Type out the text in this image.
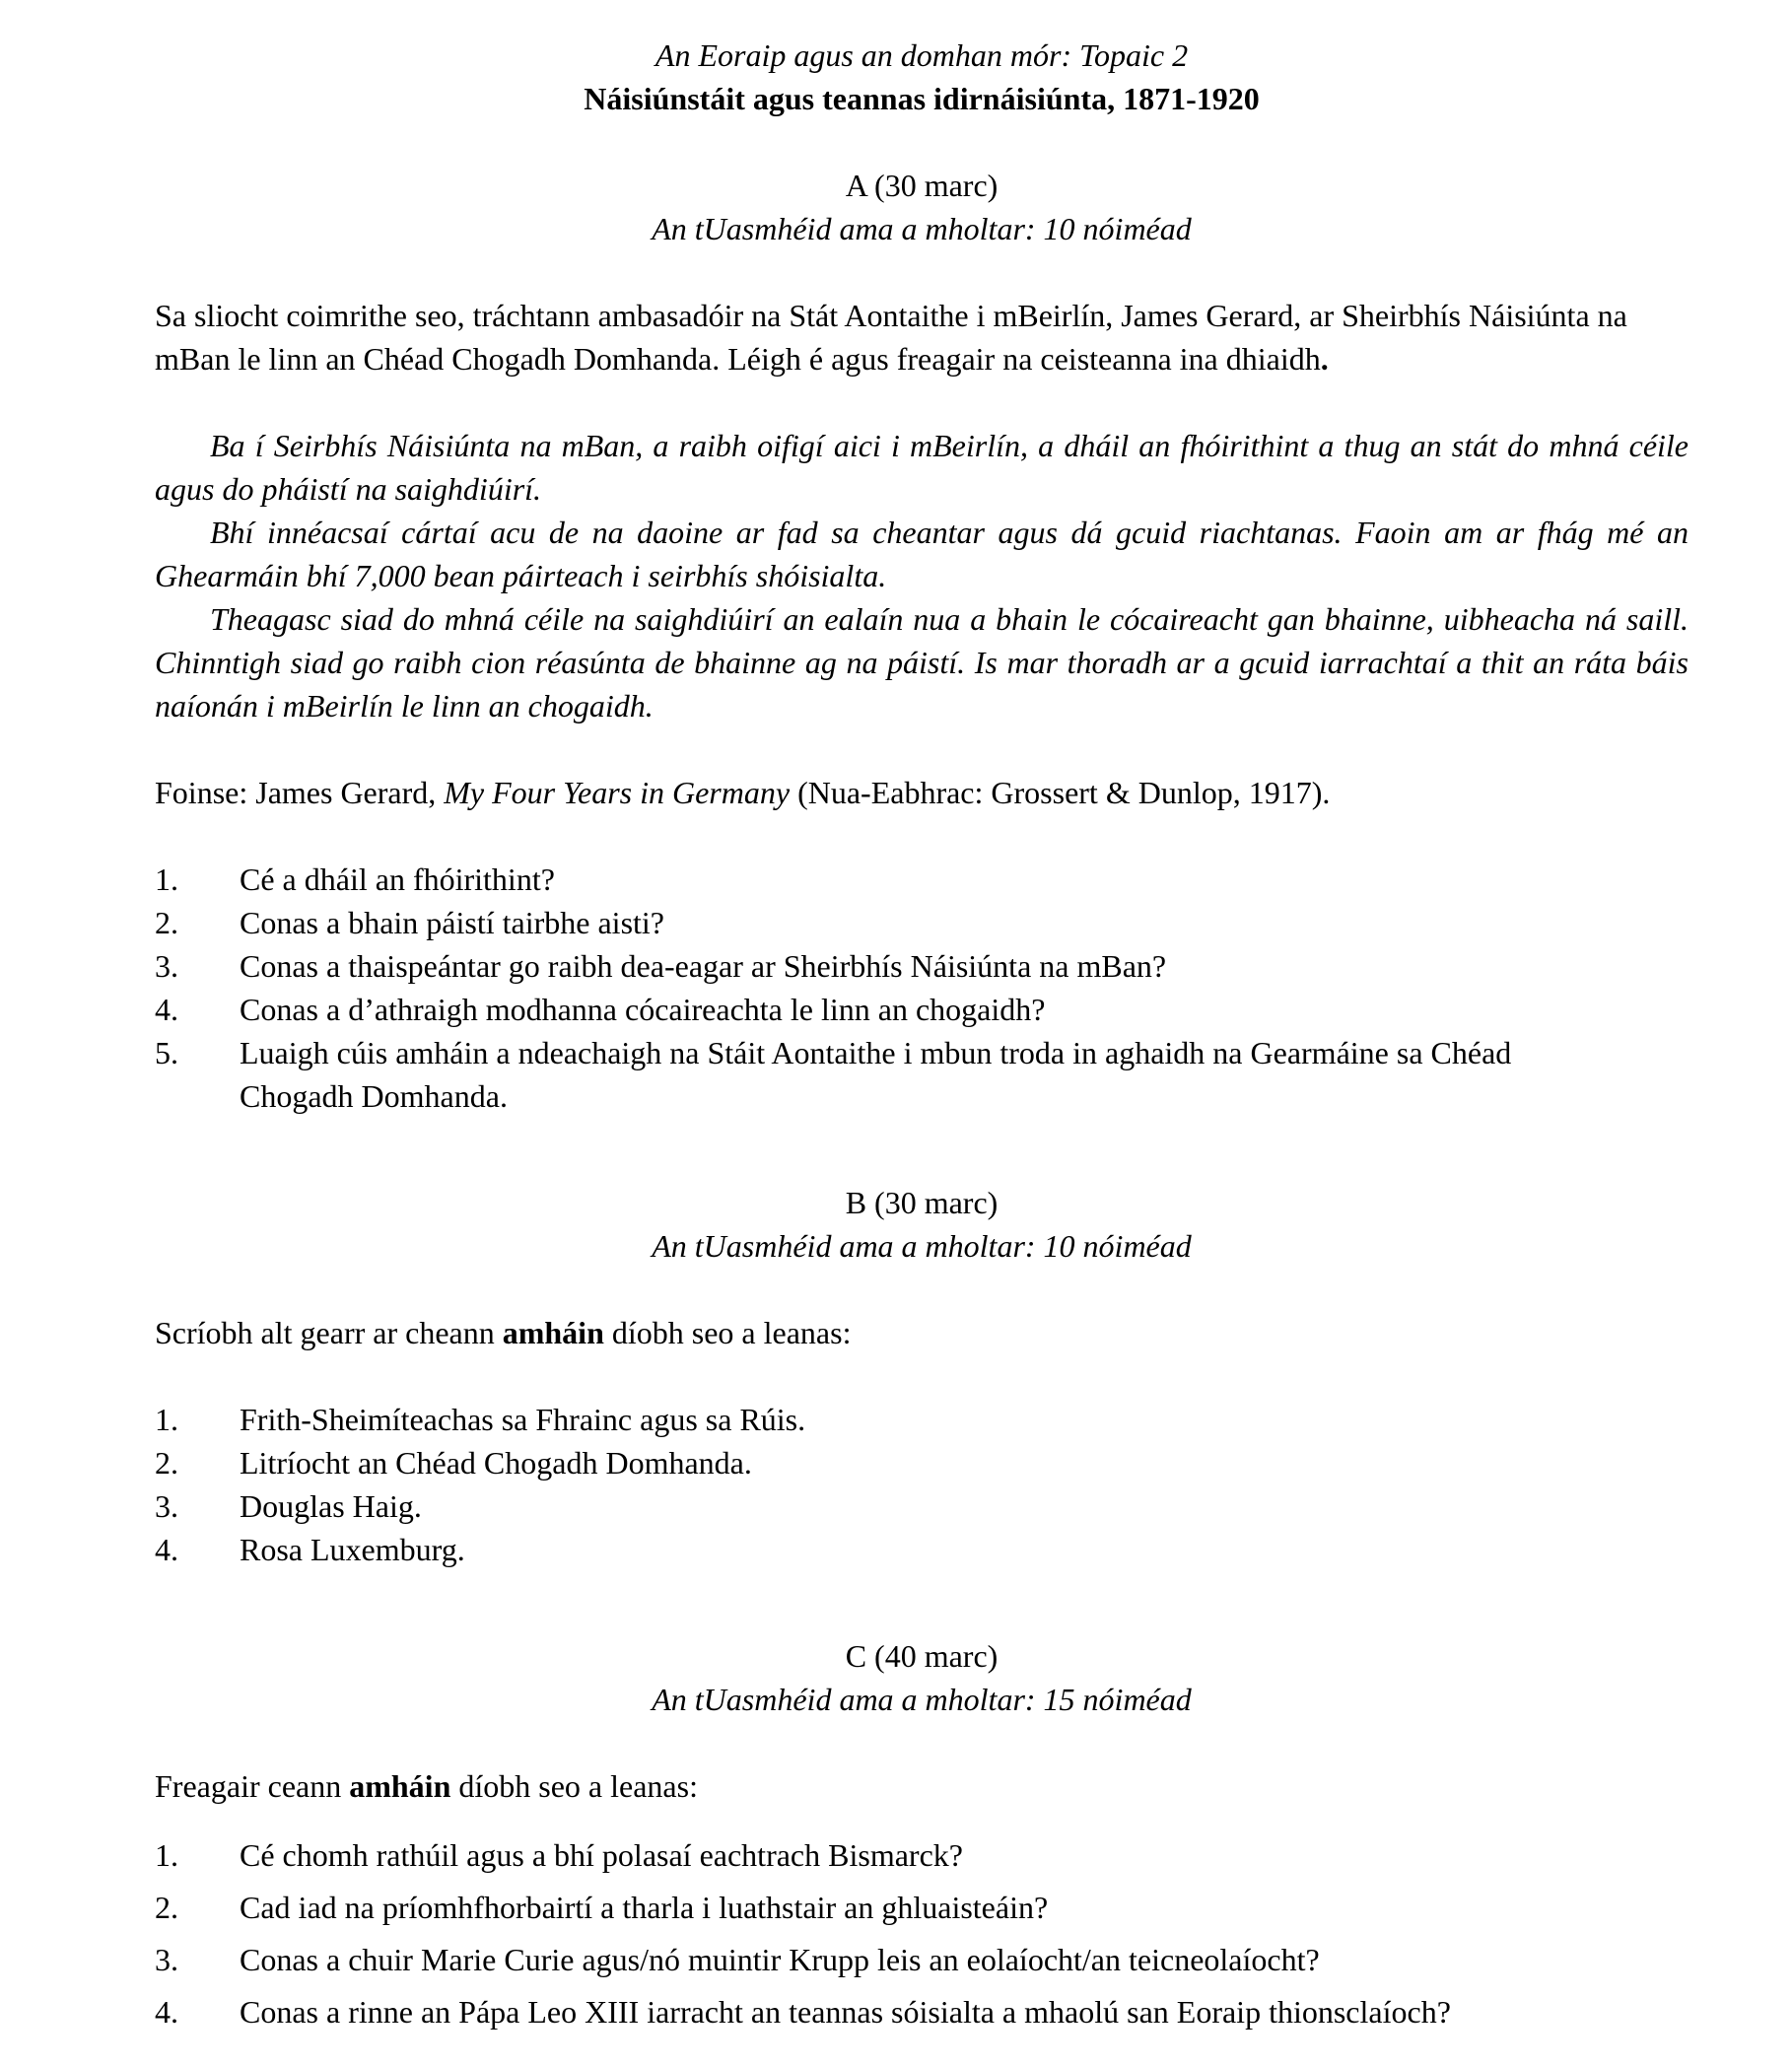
An Eoraip agus an domhan mór: Topaic 2
Náisiúnstáit agus teannas idirnáisiúnta, 1871-1920
A (30 marc)
An tUasmhéid ama a mholtar: 10 nóiméad

Sa sliocht coimrithe seo, tráchtann ambasadóir na Stát Aontaithe i mBeirlín, James Gerard, ar Sheirbhís Náisiúnta na mBan le linn an Chéad Chogadh Domhanda. Léigh é agus freagair na ceisteanna ina dhiaidh.

Ba í Seirbhís Náisiúnta na mBan, a raibh oifigí aici i mBeirlín, a dháil an fhóirithint a thug an stát do mhná céile agus do pháistí na saighdiúirí.

Bhí innéacsaí cártaí acu de na daoine ar fad sa cheantar agus dá gcuid riachtanas. Faoin am ar fhág mé an Ghearmáin bhí 7,000 bean páirteach i seirbhís shóisialta.

Theagasc siad do mhná céile na saighdiúirí an ealaín nua a bhain le cócaireacht gan bhainne, uibheacha ná saill. Chinntigh siad go raibh cion réasúnta de bhainne ag na páistí. Is mar thoradh ar a gcuid iarrachtaí a thit an ráta báis naíonán i mBeirlín le linn an chogaidh.

Foinse: James Gerard, My Four Years in Germany (Nua-Eabhrac: Grossert & Dunlop, 1917).

1.	Cé a dháil an fhóirithint?
2.	Conas a bhain páistí tairbhe aisti?
3.	Conas a thaispeántar go raibh dea-eagar ar Sheirbhís Náisiúnta na mBan?
4.	Conas a d’athraigh modhanna cócaireachta le linn an chogaidh?
5.	Luaigh cúis amháin a ndeachaigh na Stáit Aontaithe i mbun troda in aghaidh na Gearmáine sa Chéad Chogadh Domhanda.
B (30 marc)
An tUasmhéid ama a mholtar: 10 nóiméad

Scríobh alt gearr ar cheann amháin díobh seo a leanas:

1.	Frith-Sheimíteachas sa Fhrainc agus sa Rúis.
2.	Litríocht an Chéad Chogadh Domhanda.
3.	Douglas Haig.
4.	Rosa Luxemburg.
C (40 marc)
An tUasmhéid ama a mholtar: 15 nóiméad

Freagair ceann amháin díobh seo a leanas:

1.	Cé chomh rathúil agus a bhí polasaí eachtrach Bismarck?
2.	Cad iad na príomhfhorbairtí a tharla i luathstair an ghluaisteáin?
3.	Conas a chuir Marie Curie agus/nó muintir Krupp leis an eolaíocht/an teicneolaíocht?
4.	Conas a rinne an Pápa Leo XIII iarracht an teannas sóisialta a mhaolú san Eoraip thionsclaíoch?
